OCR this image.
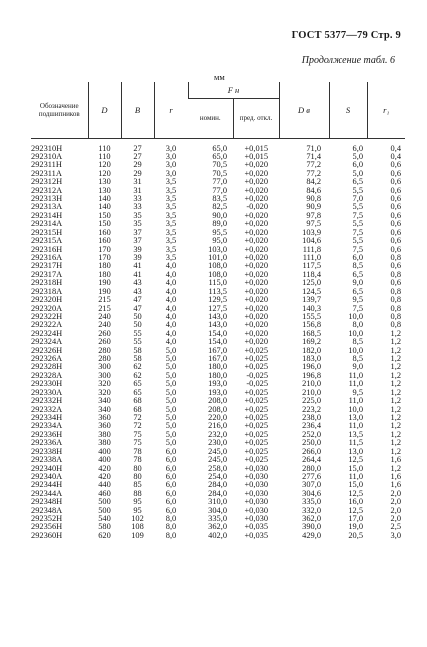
ГОСТ 5377—79 Стр. 9
Продолжение табл. 6
мм
Обозначение подшипников	D	B	r	F н		D в	S	r₁
				номин.	пред. откл.			
292310Н	110	27	3,0	65,0	+0,015	71,0	6,0	0,4
292310А	110	27	3,0	65,0	+0,015	71,4	5,0	0,4
292311Н	120	29	3,0	70,5	+0,020	77,2	6,0	0,6
292311А	120	29	3,0	70,5	+0,020	77,2	5,0	0,6
292312Н	130	31	3,5	77,0	+0,020	84,2	6,5	0,6
292312А	130	31	3,5	77,0	+0,020	84,6	5,5	0,6
292313Н	140	33	3,5	83,5	+0,020	90,8	7,0	0,6
292313А	140	33	3,5	82,5	-0,020	90,9	5,5	0,6
292314Н	150	35	3,5	90,0	+0,020	97,8	7,5	0,6
292314А	150	35	3,5	89,0	+0,020	97,5	5,5	0,6
292315Н	160	37	3,5	95,5	+0,020	103,9	7,5	0,6
292315А	160	37	3,5	95,0	+0,020	104,6	5,5	0,6
292316Н	170	39	3,5	103,0	+0,020	111,8	7,5	0,6
292316А	170	39	3,5	101,0	+0,020	111,0	6,0	0,8
292317Н	180	41	4,0	108,0	+0,020	117,5	8,5	0,6
292317А	180	41	4,0	108,0	+0,020	118,4	6,5	0,8
292318Н	190	43	4,0	115,0	+0,020	125,0	9,0	0,6
292318А	190	43	4,0	113,5	+0,020	124,5	6,5	0,8
292320Н	215	47	4,0	129,5	+0,020	139,7	9,5	0,8
292320А	215	47	4,0	127,5	+0,020	140,3	7,5	0,8
292322Н	240	50	4,0	143,0	+0,020	155,5	10,0	0,8
292322А	240	50	4,0	143,0	+0,020	156,8	8,0	0,8
292324Н	260	55	4,0	154,0	+0,020	168,5	10,0	1,2
292324А	260	55	4,0	154,0	+0,020	169,2	8,5	1,2
292326Н	280	58	5,0	167,0	+0,025	182,0	10,0	1,2
292326А	280	58	5,0	167,0	+0,025	183,0	8,5	1,2
292328Н	300	62	5,0	180,0	+0,025	196,0	9,0	1,2
292328А	300	62	5,0	180,0	-0,025	196,8	11,0	1,2
292330Н	320	65	5,0	193,0	-0,025	210,0	11,0	1,2
292330А	320	65	5,0	193,0	+0,025	210,0	9,5	1,2
292332Н	340	68	5,0	208,0	+0,025	225,0	11,0	1,2
292332А	340	68	5,0	208,0	+0,025	223,2	10,0	1,2
292334Н	360	72	5,0	220,0	+0,025	238,0	13,0	1,2
292334А	360	72	5,0	216,0	+0,025	236,4	11,0	1,2
292336Н	380	75	5,0	232,0	+0,025	252,0	13,5	1,2
292336А	380	75	5,0	230,0	+0,025	250,0	11,5	1,2
292338Н	400	78	6,0	245,0	+0,025	266,0	13,0	1,2
292338А	400	78	6,0	245,0	+0,025	264,4	12,5	1,6
292340Н	420	80	6,0	258,0	+0,030	280,0	15,0	1,2
292340А	420	80	6,0	254,0	+0,030	277,6	11,0	1,6
292344Н	440	85	6,0	284,0	+0,030	307,0	15,0	1,6
292344А	460	88	6,0	284,0	+0,030	304,6	12,5	2,0
292348Н	500	95	6,0	310,0	+0,030	335,0	16,0	2,0
292348А	500	95	6,0	304,0	+0,030	332,0	12,5	2,0
292352Н	540	102	8,0	335,0	+0,030	362,0	17,0	2,0
292356Н	580	108	8,0	362,0	+0,035	390,0	19,0	2,5
292360Н	620	109	8,0	402,0	+0,035	429,0	20,5	3,0
